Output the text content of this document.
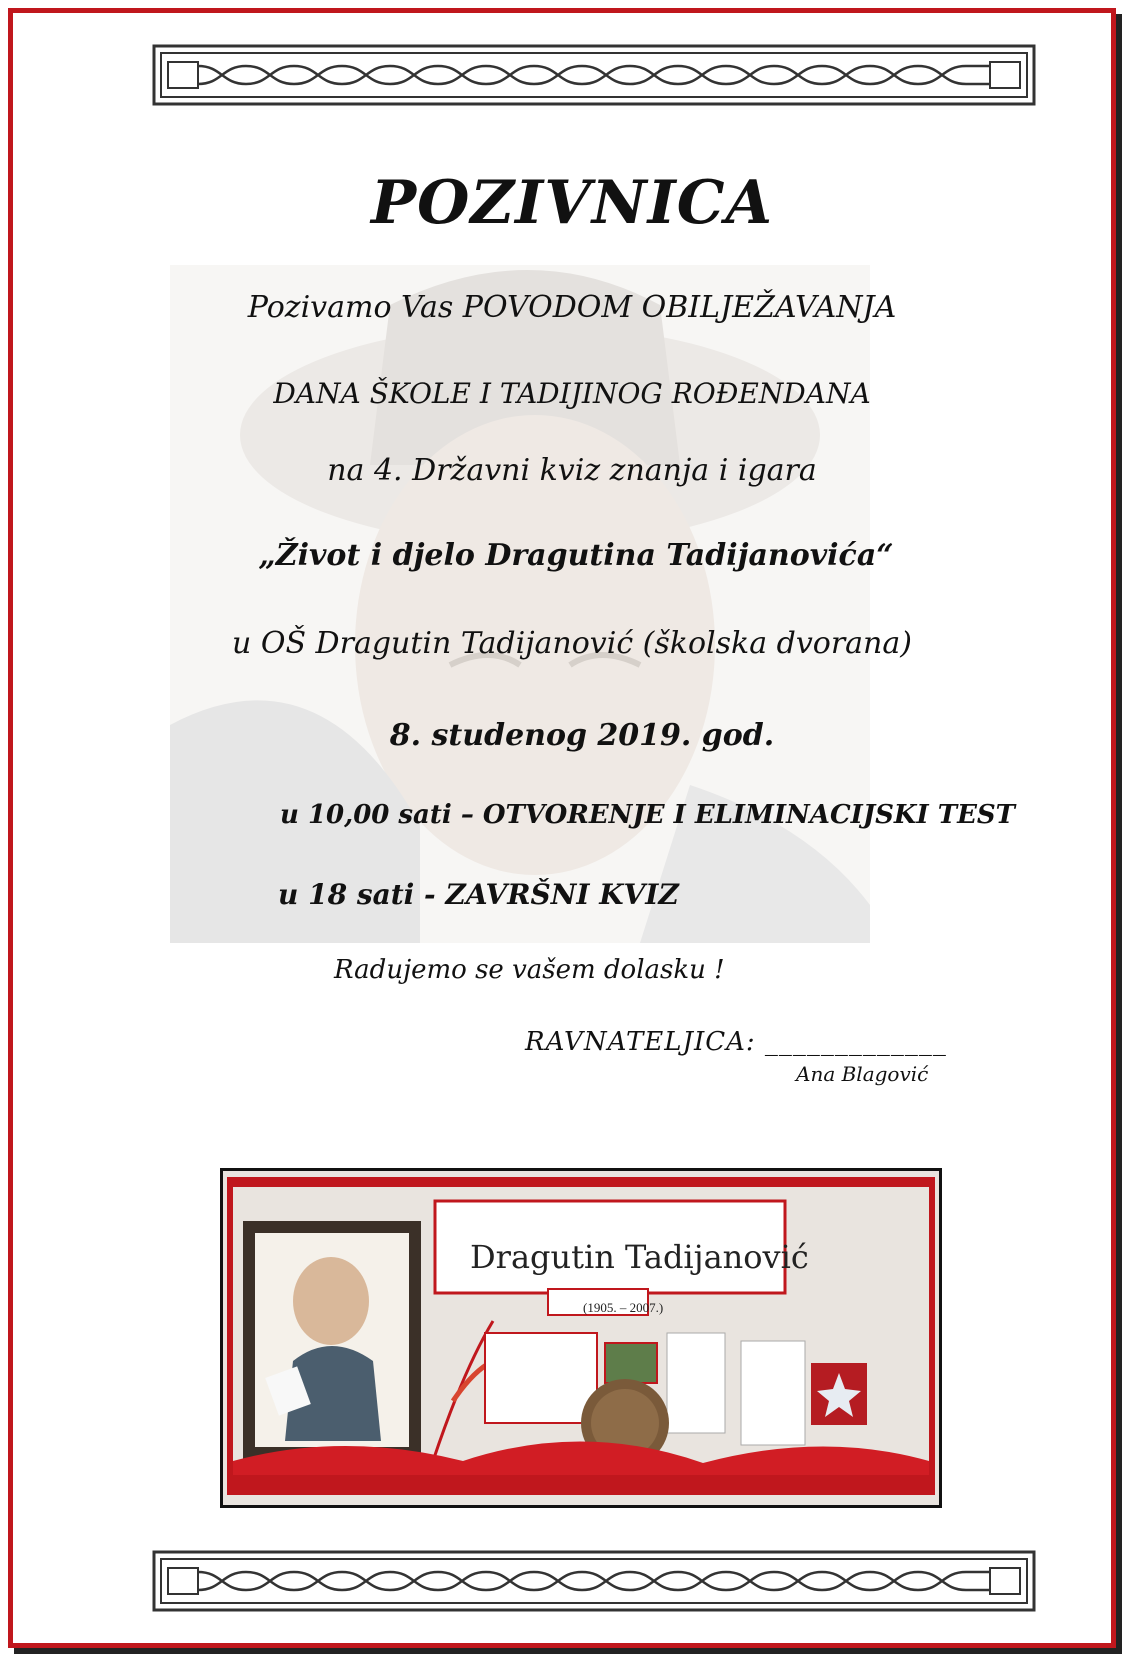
POZIVNICA
Pozivamo Vas POVODOM OBILJEŽAVANJA
DANA ŠKOLE I TADIJINOG ROĐENDANA
na 4. Državni kviz znanja i igara
„Život i djelo Dragutina Tadijanovića“
u OŠ Dragutin Tadijanović (školska dvorana)
8. studenog 2019. god.
u 10,00 sati – OTVORENJE I ELIMINACIJSKI TEST
u 18 sati - ZAVRŠNI KVIZ
Radujemo se vašem dolasku !
RAVNATELJICA: _____________
Ana Blagović
Dragutin Tadijanović
(1905. – 2007.)
